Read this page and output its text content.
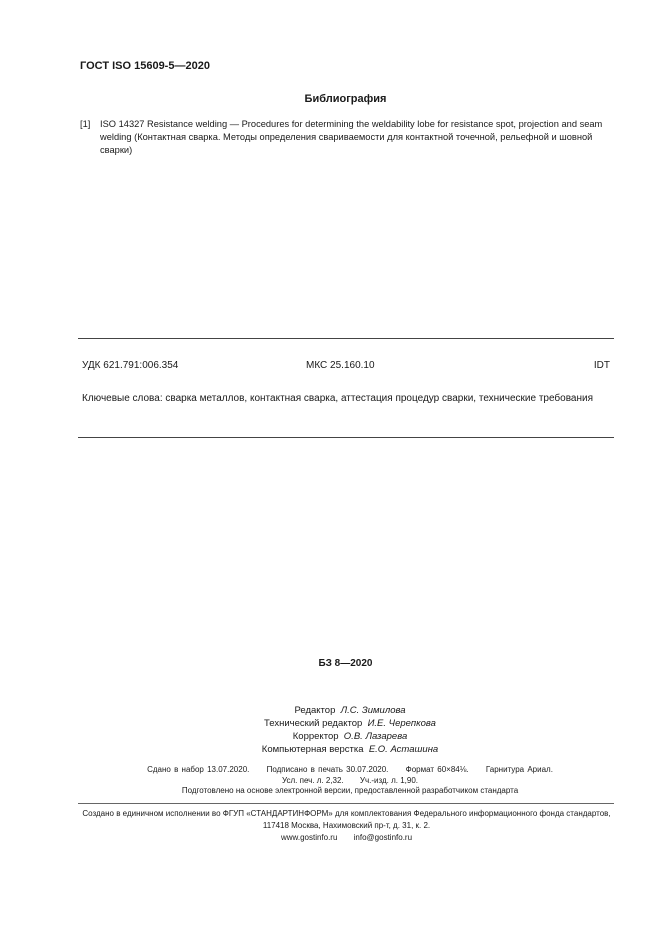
ГОСТ ISO 15609-5—2020
Библиография
[1] ISO 14327 Resistance welding — Procedures for determining the weldability lobe for resistance spot, projection and seam welding (Контактная сварка. Методы определения свариваемости для контактной точечной, рельефной и шовной сварки)
УДК 621.791:006.354	МКС 25.160.10	IDT
Ключевые слова: сварка металлов, контактная сварка, аттестация процедур сварки, технические требования
БЗ 8—2020
Редактор Л.С. Зимилова
Технический редактор И.Е. Черепкова
Корректор О.В. Лазарева
Компьютерная верстка Е.О. Асташина
Сдано в набор 13.07.2020. Подписано в печать 30.07.2020. Формат 60×84⅛. Гарнитура Ариал.
Усл. печ. л. 2,32. Уч.-изд. л. 1,90.
Подготовлено на основе электронной версии, предоставленной разработчиком стандарта
Создано в единичном исполнении во ФГУП «СТАНДАРТИНФОРМ» для комплектования Федерального информационного фонда стандартов, 117418 Москва, Нахимовский пр-т, д. 31, к. 2.
www.gostinfo.ru info@gostinfo.ru
